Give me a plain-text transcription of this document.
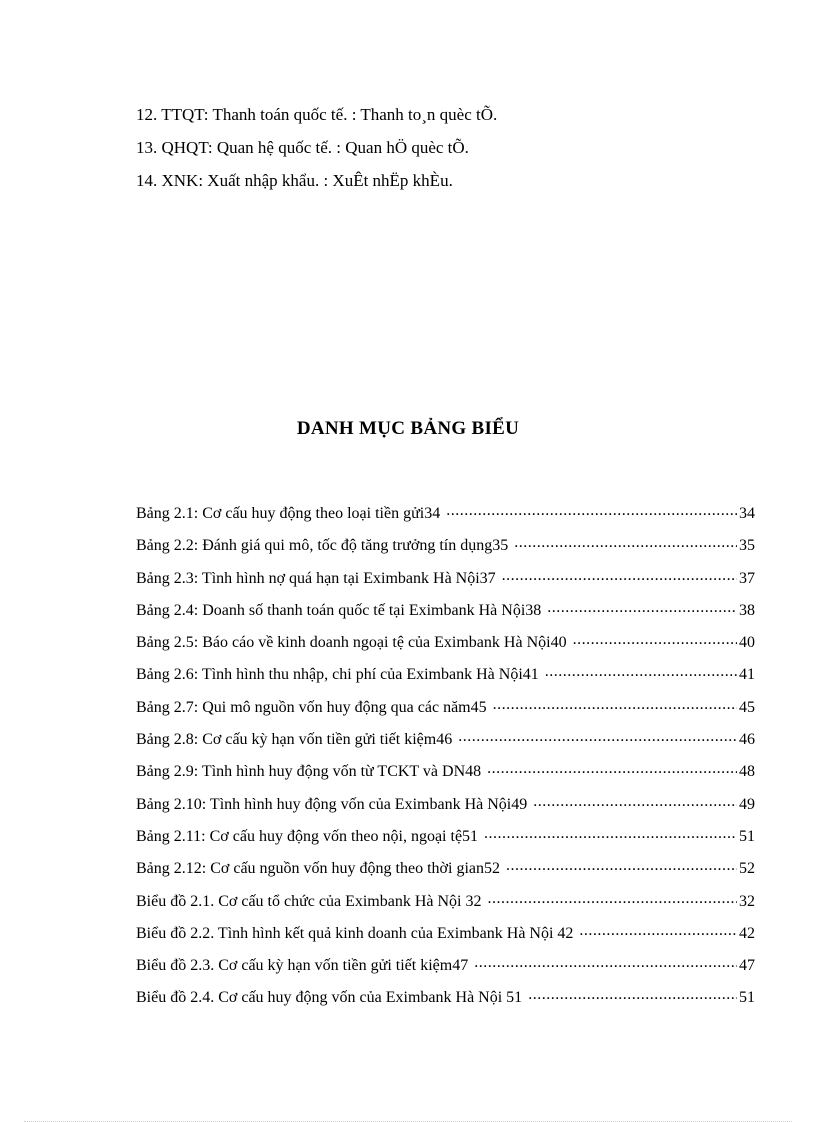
12. TTQT: Thanh toán quốc tế. : Thanh to¸n quèc tÕ.
13. QHQT: Quan hệ quốc tế. : Quan hÖ quèc tÕ.
14. XNK: Xuất nhập khẩu. : XuÊt nhËp khÈu.
DANH MỤC BẢNG BIỂU
Bảng 2.1: Cơ cấu huy động theo loại tiền gửi34 .....	34
Bảng 2.2: Đánh giá qui mô, tốc độ tăng trưởng tín dụng35 .....	35
Bảng 2.3: Tình hình nợ quá hạn tại Eximbank Hà Nội37 .....	37
Bảng 2.4: Doanh số thanh toán quốc tế tại Eximbank Hà Nội38 .....	38
Bảng 2.5: Báo cáo về kinh doanh ngoại tệ của Eximbank Hà Nội40 .....	40
Bảng 2.6: Tình hình thu nhập, chi phí của Eximbank Hà Nội41 .....	41
Bảng 2.7: Qui mô nguồn vốn huy động qua các năm45 .....	45
Bảng 2.8: Cơ cấu kỳ hạn vốn tiền gửi tiết kiệm46 .....	46
Bảng 2.9: Tình hình huy động vốn từ TCKT và DN48 .....	48
Bảng 2.10: Tình hình huy động vốn của Eximbank Hà Nội49 .....	49
Bảng 2.11: Cơ cấu huy động vốn theo nội, ngoại tệ51 .....	51
Bảng 2.12: Cơ cấu nguồn vốn huy động theo thời gian52 .....	52
Biểu đồ 2.1. Cơ cấu tổ chức của Eximbank Hà Nội 32 .....	32
Biểu đồ 2.2. Tình hình kết quả kinh doanh của Eximbank Hà Nội 42 .....	42
Biểu đồ 2.3. Cơ cấu kỳ hạn vốn tiền gửi tiết kiệm47 .....	47
Biểu đồ 2.4. Cơ cấu huy động vốn của Eximbank Hà Nội 51 .....	51
